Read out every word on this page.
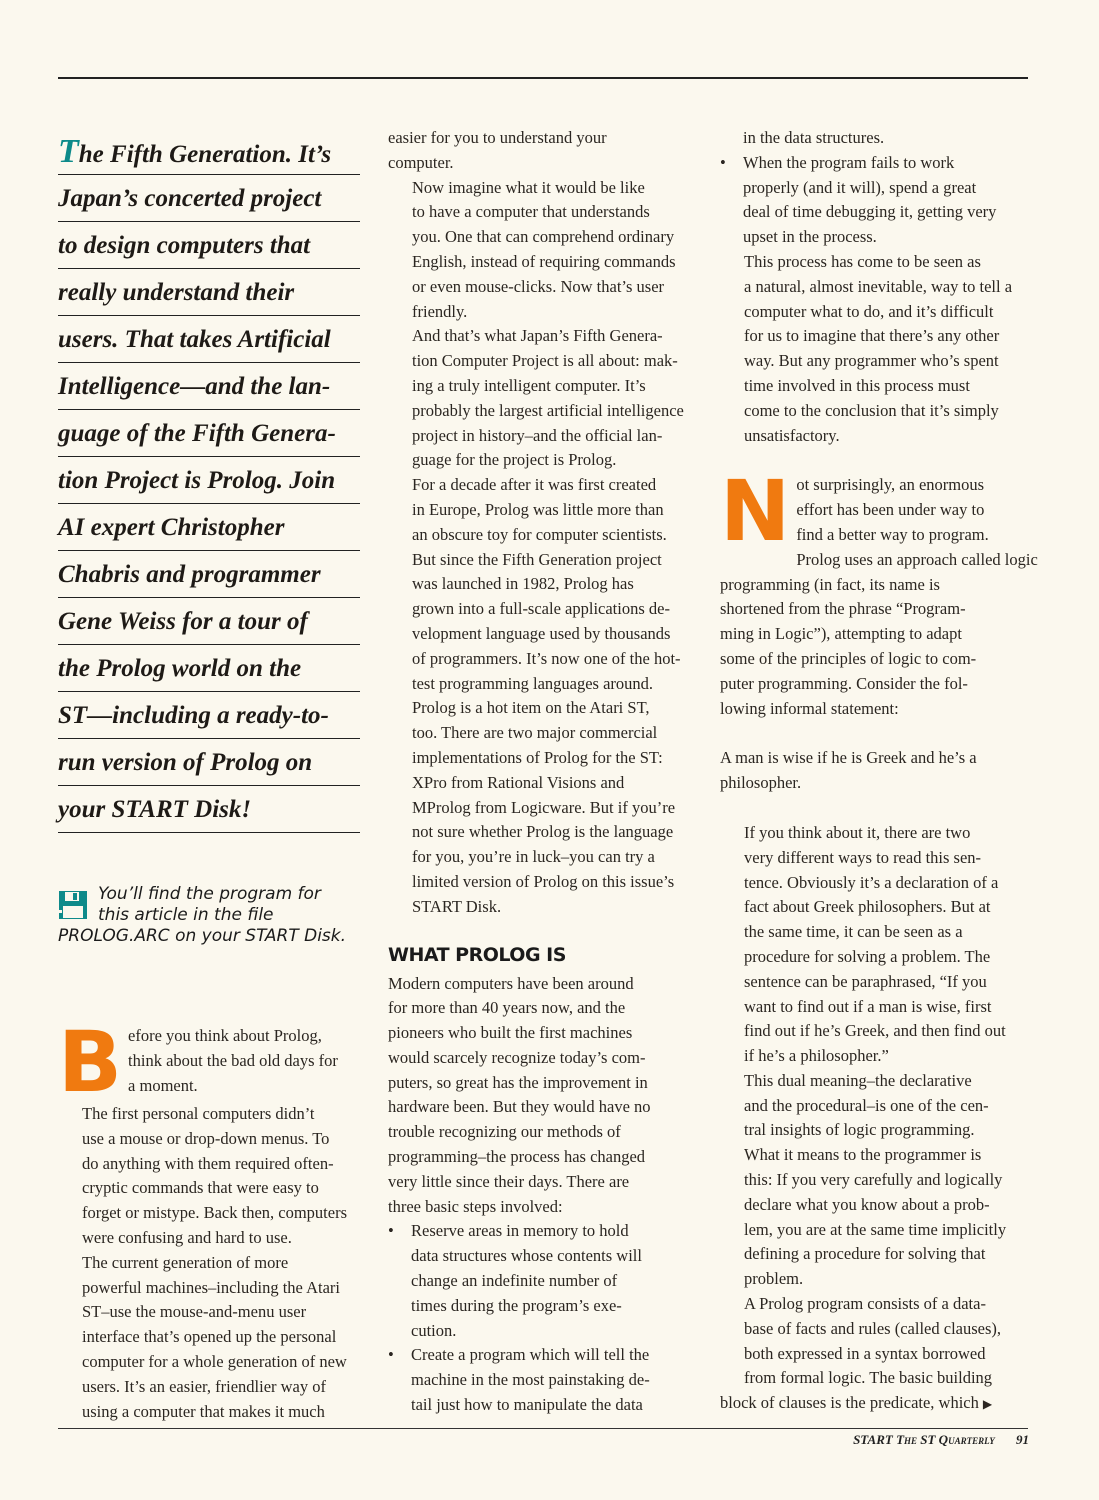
The Fifth Generation. It’s
Japan’s concerted project
to design computers that
really understand their
users. That takes Artificial
Intelligence—and the lan-
guage of the Fifth Genera-
tion Project is Prolog. Join
AI expert Christopher
Chabris and programmer
Gene Weiss for a tour of
the Prolog world on the
ST—including a ready-to-
run version of Prolog on
your START Disk!
You’ll find the program for
this article in the file
PROLOG.ARC on your START Disk.
B efore you think about Prolog,
think about the bad old days for
a moment.

The first personal computers didn’t
use a mouse or drop-down menus. To
do anything with them required often-
cryptic commands that were easy to
forget or mistype. Back then, computers
were confusing and hard to use.

The current generation of more
powerful machines–including the Atari
ST–use the mouse-and-menu user
interface that’s opened up the personal
computer for a whole generation of new
users. It’s an easier, friendlier way of
using a computer that makes it much

easier for you to understand your
computer.

Now imagine what it would be like
to have a computer that understands
you. One that can comprehend ordinary
English, instead of requiring commands
or even mouse-clicks. Now that’s user
friendly.

And that’s what Japan’s Fifth Genera-
tion Computer Project is all about: mak-
ing a truly intelligent computer. It’s
probably the largest artificial intelligence
project in history–and the official lan-
guage for the project is Prolog.

For a decade after it was first created
in Europe, Prolog was little more than
an obscure toy for computer scientists.
But since the Fifth Generation project
was launched in 1982, Prolog has
grown into a full-scale applications de-
velopment language used by thousands
of programmers. It’s now one of the hot-
test programming languages around.

Prolog is a hot item on the Atari ST,
too. There are two major commercial
implementations of Prolog for the ST:
XPro from Rational Visions and
MProlog from Logicware. But if you’re
not sure whether Prolog is the language
for you, you’re in luck–you can try a
limited version of Prolog on this issue’s
START Disk.

WHAT PROLOG IS

Modern computers have been around
for more than 40 years now, and the
pioneers who built the first machines
would scarcely recognize today’s com-
puters, so great has the improvement in
hardware been. But they would have no
trouble recognizing our methods of
programming–the process has changed
very little since their days. There are
three basic steps involved:

• Reserve areas in memory to hold
data structures whose contents will
change an indefinite number of
times during the program’s exe-
cution.

• Create a program which will tell the
machine in the most painstaking de-
tail just how to manipulate the data

in the data structures.

• When the program fails to work
properly (and it will), spend a great
deal of time debugging it, getting very
upset in the process.

This process has come to be seen as
a natural, almost inevitable, way to tell a
computer what to do, and it’s difficult
for us to imagine that there’s any other
way. But any programmer who’s spent
time involved in this process must
come to the conclusion that it’s simply
unsatisfactory.

N ot surprisingly, an enormous
effort has been under way to
find a better way to program.
Prolog uses an approach called logic
programming (in fact, its name is
shortened from the phrase “Program-
ming in Logic”), attempting to adapt
some of the principles of logic to com-
puter programming. Consider the fol-
lowing informal statement:

A man is wise if he is Greek and he’s a
philosopher.

If you think about it, there are two
very different ways to read this sen-
tence. Obviously it’s a declaration of a
fact about Greek philosophers. But at
the same time, it can be seen as a
procedure for solving a problem. The
sentence can be paraphrased, “If you
want to find out if a man is wise, first
find out if he’s Greek, and then find out
if he’s a philosopher.”

This dual meaning–the declarative
and the procedural–is one of the cen-
tral insights of logic programming.
What it means to the programmer is
this: If you very carefully and logically
declare what you know about a prob-
lem, you are at the same time implicitly
defining a procedure for solving that
problem.

A Prolog program consists of a data-
base of facts and rules (called clauses),
both expressed in a syntax borrowed
from formal logic. The basic building
block of clauses is the predicate, which ▶

START The ST Quarterly 91
